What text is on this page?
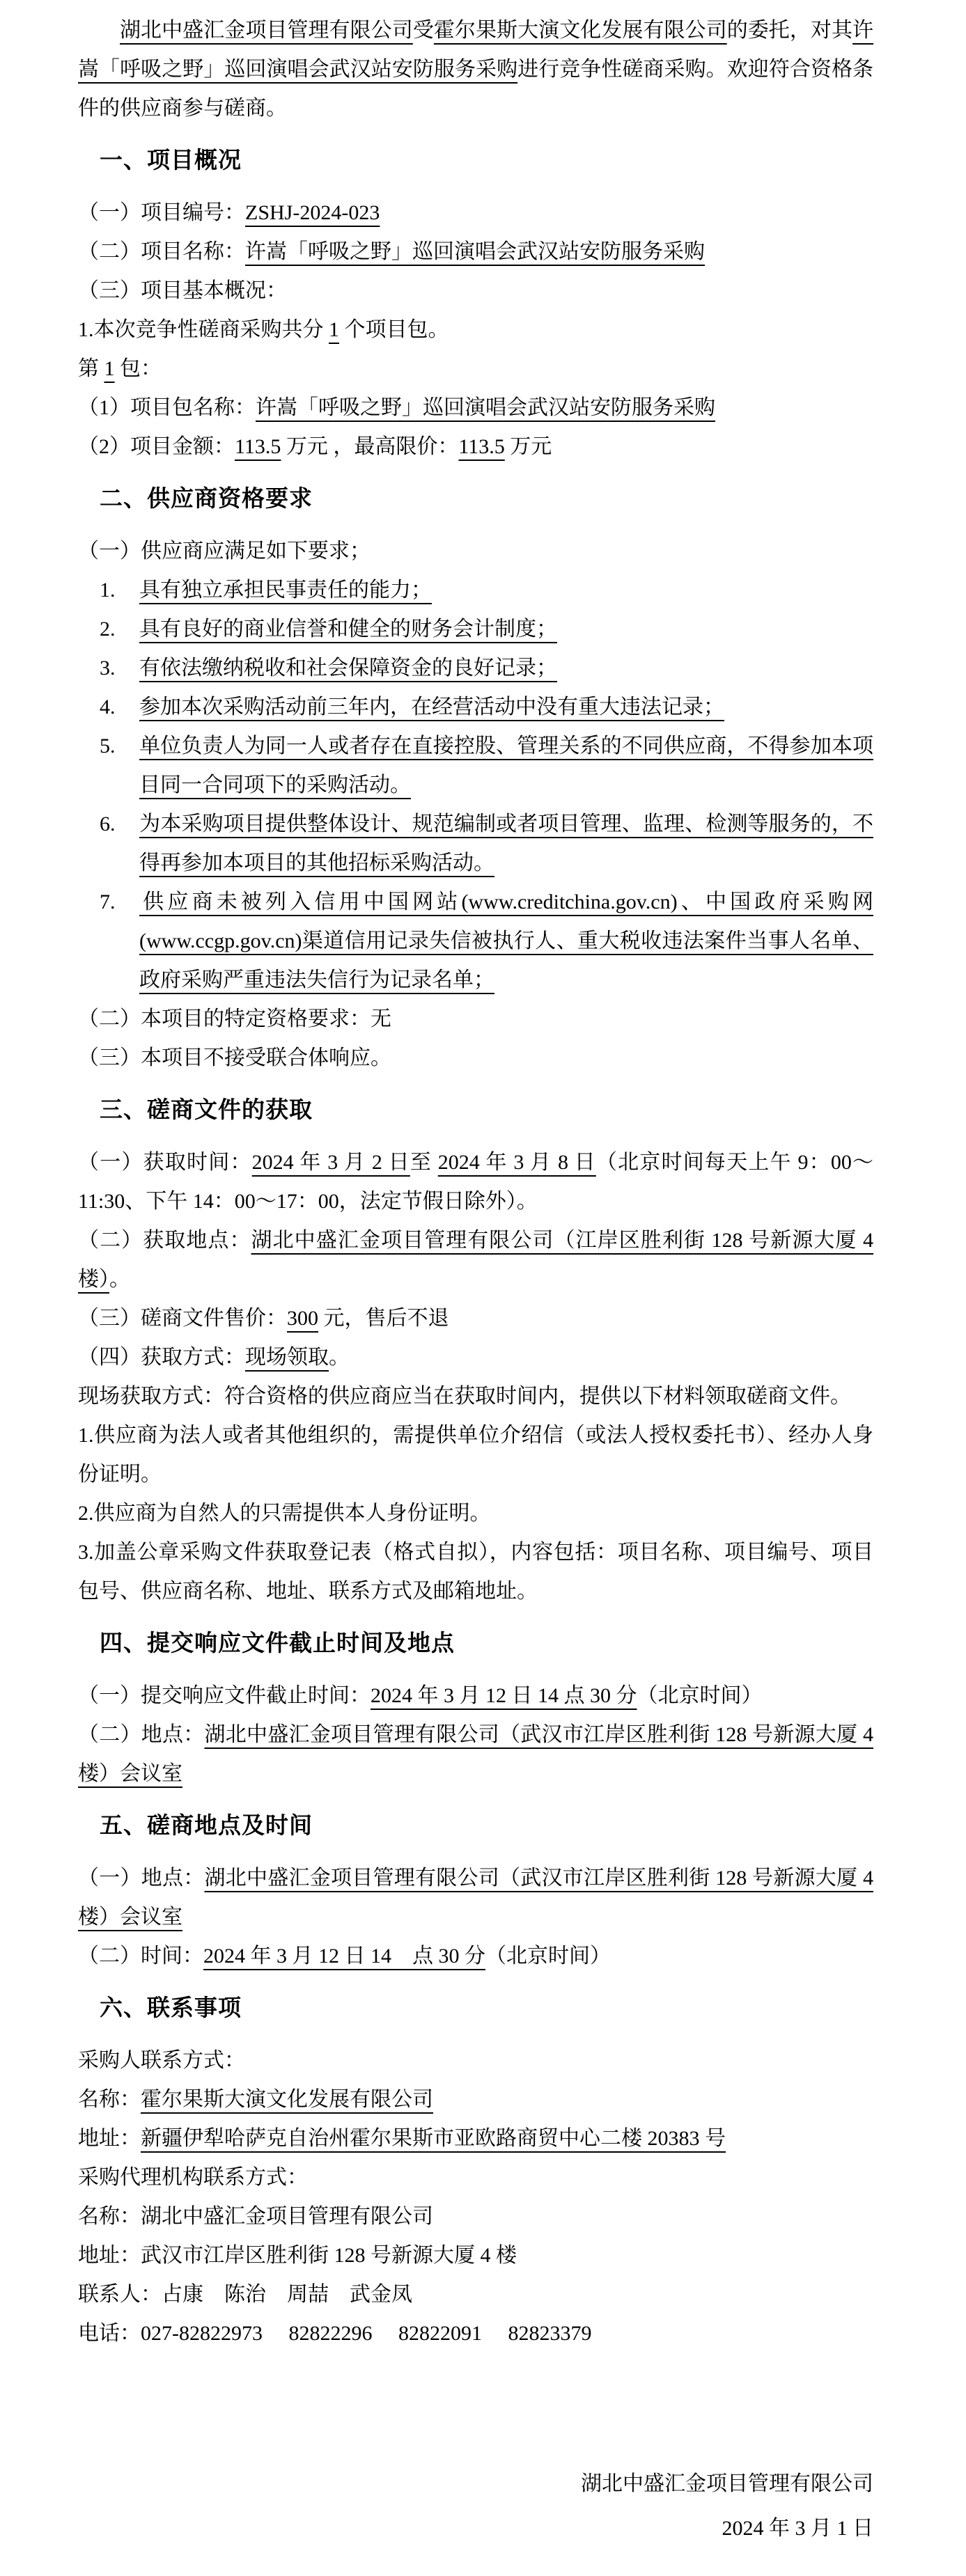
湖北中盛汇金项目管理有限公司受霍尔果斯大演文化发展有限公司的委托，对其许嵩「呼吸之野」巡回演唱会武汉站安防服务采购进行竞争性磋商采购。欢迎符合资格条件的供应商参与磋商。

一、项目概况

（一）项目编号：ZSHJ-2024-023

（二）项目名称：许嵩「呼吸之野」巡回演唱会武汉站安防服务采购

（三）项目基本概况：

1.本次竞争性磋商采购共分 1 个项目包。

第 1 包：

（1）项目包名称：许嵩「呼吸之野」巡回演唱会武汉站安防服务采购

（2）项目金额：113.5 万元 ，最高限价：113.5 万元

二、供应商资格要求

（一）供应商应满足如下要求；

1. 具有独立承担民事责任的能力；

2. 具有良好的商业信誉和健全的财务会计制度；

3. 有依法缴纳税收和社会保障资金的良好记录；

4. 参加本次采购活动前三年内，在经营活动中没有重大违法记录；

5. 单位负责人为同一人或者存在直接控股、管理关系的不同供应商，不得参加本项目同一合同项下的采购活动。

6. 为本采购项目提供整体设计、规范编制或者项目管理、监理、检测等服务的，不得再参加本项目的其他招标采购活动。

7. 供应商未被列入信用中国网站(www.creditchina.gov.cn)、中国政府采购网(www.ccgp.gov.cn)渠道信用记录失信被执行人、重大税收违法案件当事人名单、政府采购严重违法失信行为记录名单；

（二）本项目的特定资格要求：无

（三）本项目不接受联合体响应。

三、磋商文件的获取

（一）获取时间：2024 年 3 月 2 日至 2024 年 3 月 8 日（北京时间每天上午 9：00～11:30、下午 14：00～17：00，法定节假日除外）。

（二）获取地点：湖北中盛汇金项目管理有限公司（江岸区胜利街 128 号新源大厦 4 楼）。

（三）磋商文件售价：300 元，售后不退

（四）获取方式：现场领取。

现场获取方式：符合资格的供应商应当在获取时间内，提供以下材料领取磋商文件。

1.供应商为法人或者其他组织的，需提供单位介绍信（或法人授权委托书）、经办人身份证明。

2.供应商为自然人的只需提供本人身份证明。

3.加盖公章采购文件获取登记表（格式自拟），内容包括：项目名称、项目编号、项目包号、供应商名称、地址、联系方式及邮箱地址。

四、提交响应文件截止时间及地点

（一）提交响应文件截止时间：2024 年 3 月 12 日 14 点 30 分（北京时间）

（二）地点：湖北中盛汇金项目管理有限公司（武汉市江岸区胜利街 128 号新源大厦 4 楼）会议室

五、磋商地点及时间

（一）地点：湖北中盛汇金项目管理有限公司（武汉市江岸区胜利街 128 号新源大厦 4 楼）会议室

（二）时间：2024 年 3 月 12 日 14　点 30 分（北京时间）

六、联系事项

采购人联系方式：

名称：霍尔果斯大演文化发展有限公司

地址：新疆伊犁哈萨克自治州霍尔果斯市亚欧路商贸中心二楼 20383 号

采购代理机构联系方式：

名称：湖北中盛汇金项目管理有限公司

地址：武汉市江岸区胜利街 128 号新源大厦 4 楼

联系人：占康　陈治　周喆　武金凤

电话：027-82822973　 82822296　 82822091　 82823379

湖北中盛汇金项目管理有限公司

2024 年 3 月 1 日
